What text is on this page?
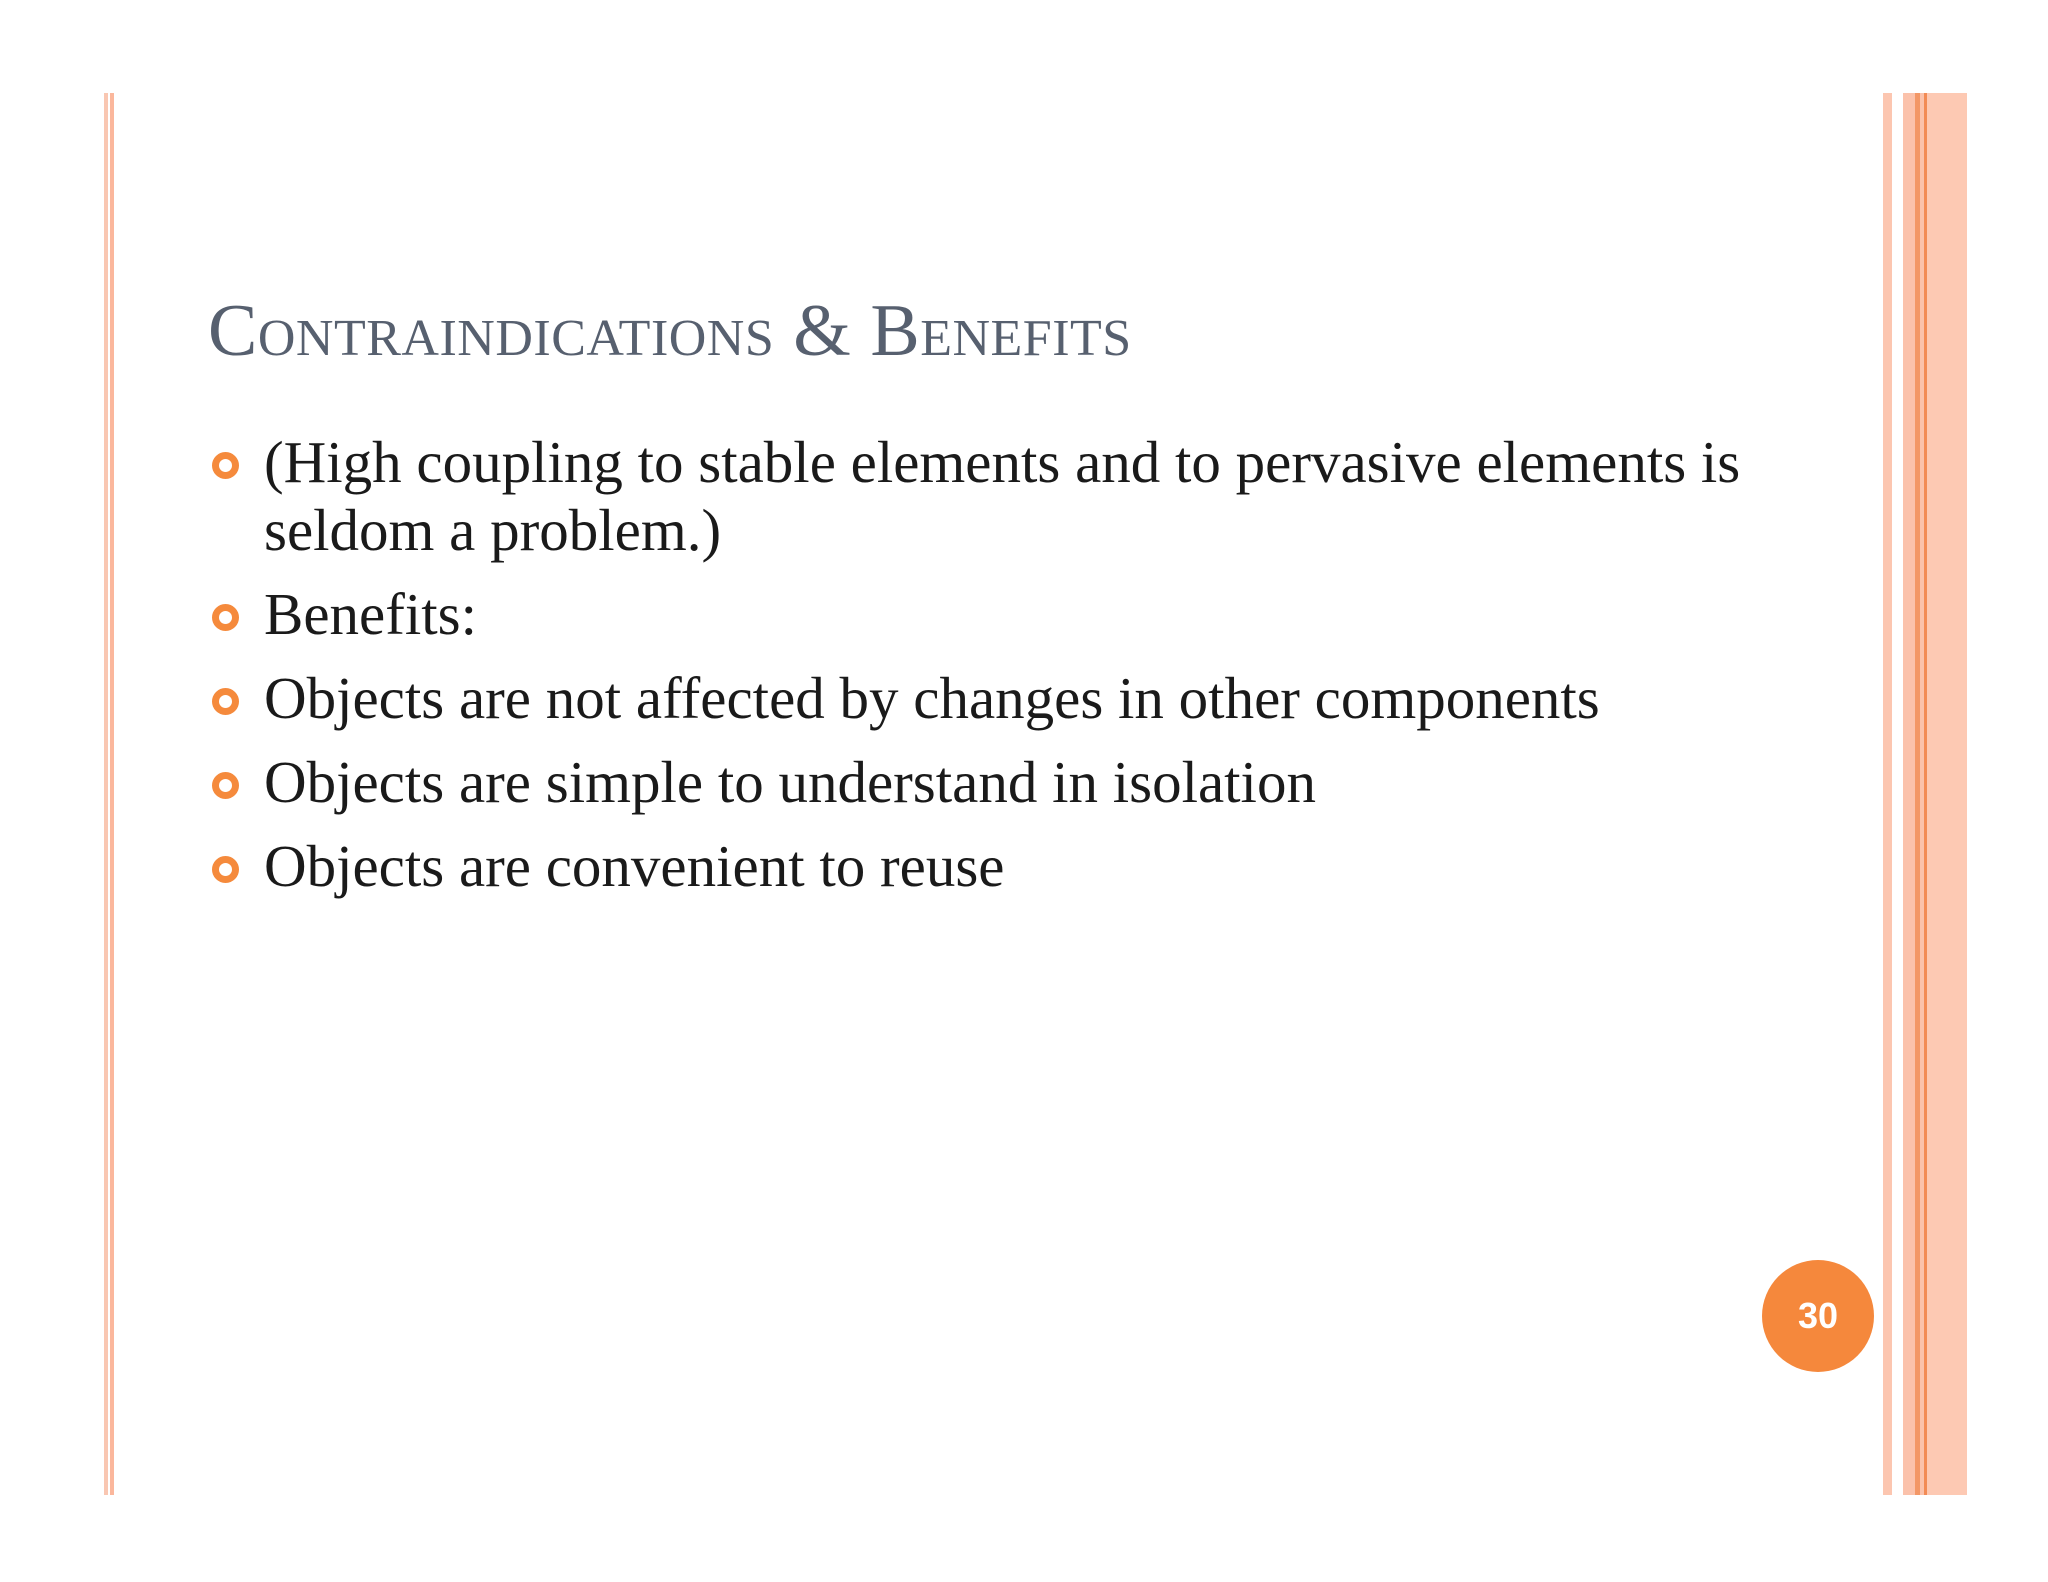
Contraindications & Benefits
(High coupling to stable elements and to pervasive elements is seldom a problem.)
Benefits:
Objects are not affected by changes in other components
Objects are simple to understand in isolation
Objects are convenient to reuse
30
